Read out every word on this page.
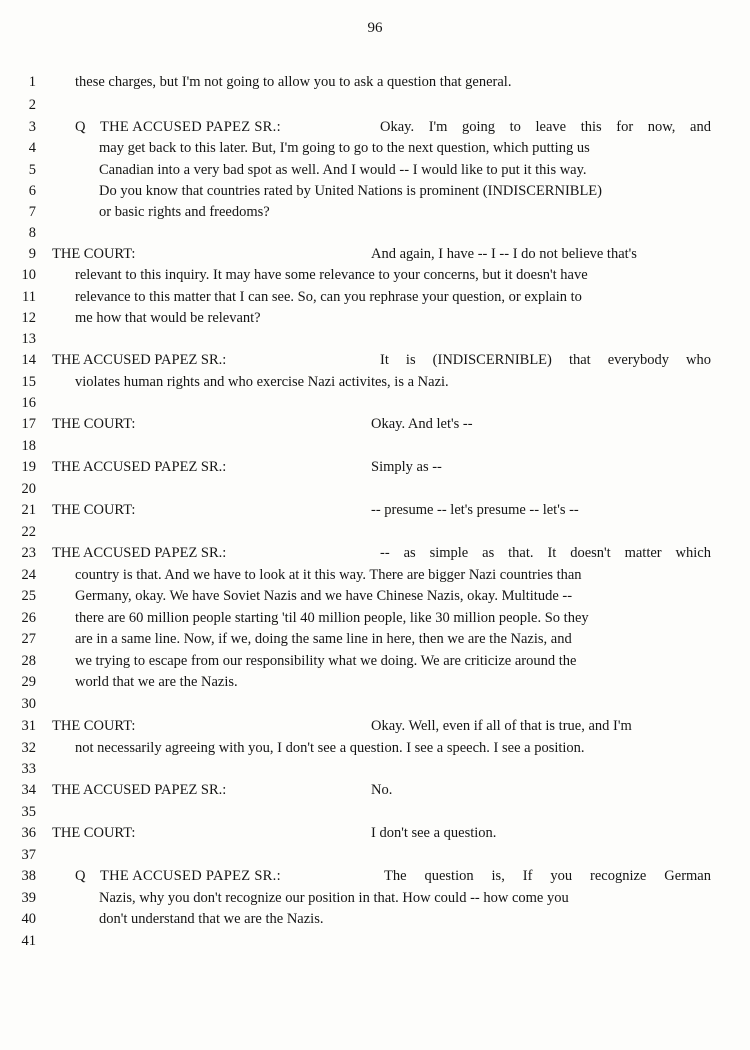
96
1
2
3
4
5
6
7
8
9
10
11
12
13
14
15
16
17
18
19
20
21
22
23
24
25
26
27
28
29
30
31
32
33
34
35
36
37
38
39
40
41
these charges, but I'm not going to allow you to ask a question that general.
Q THE ACCUSED PAPEZ SR.:	Okay. I'm going to leave this for now, and
may get back to this later. But, I'm going to go to the next question, which putting us
Canadian into a very bad spot as well. And I would -- I would like to put it this way.
Do you know that countries rated by United Nations is prominent (INDISCERNIBLE)
or basic rights and freedoms?
THE COURT:	And again, I have -- I -- I do not believe that's
relevant to this inquiry. It may have some relevance to your concerns, but it doesn't have
relevance to this matter that I can see. So, can you rephrase your question, or explain to
me how that would be relevant?
THE ACCUSED PAPEZ SR.:	It is (INDISCERNIBLE) that everybody who
violates human rights and who exercise Nazi activites, is a Nazi.
THE COURT:	Okay. And let's --
THE ACCUSED PAPEZ SR.:	Simply as --
THE COURT:	-- presume -- let's presume -- let's --
THE ACCUSED PAPEZ SR.:	-- as simple as that. It doesn't matter which
country is that. And we have to look at it this way. There are bigger Nazi countries than
Germany, okay. We have Soviet Nazis and we have Chinese Nazis, okay. Multitude --
there are 60 million people starting 'til 40 million people, like 30 million people. So they
are in a same line. Now, if we, doing the same line in here, then we are the Nazis, and
we trying to escape from our responsibility what we doing. We are criticize around the
world that we are the Nazis.
THE COURT:	Okay. Well, even if all of that is true, and I'm
not necessarily agreeing with you, I don't see a question. I see a speech. I see a position.
THE ACCUSED PAPEZ SR.:	No.
THE COURT:	I don't see a question.
Q THE ACCUSED PAPEZ SR.:	The question is, If you recognize German
Nazis, why you don't recognize our position in that. How could -- how come you
don't understand that we are the Nazis.
